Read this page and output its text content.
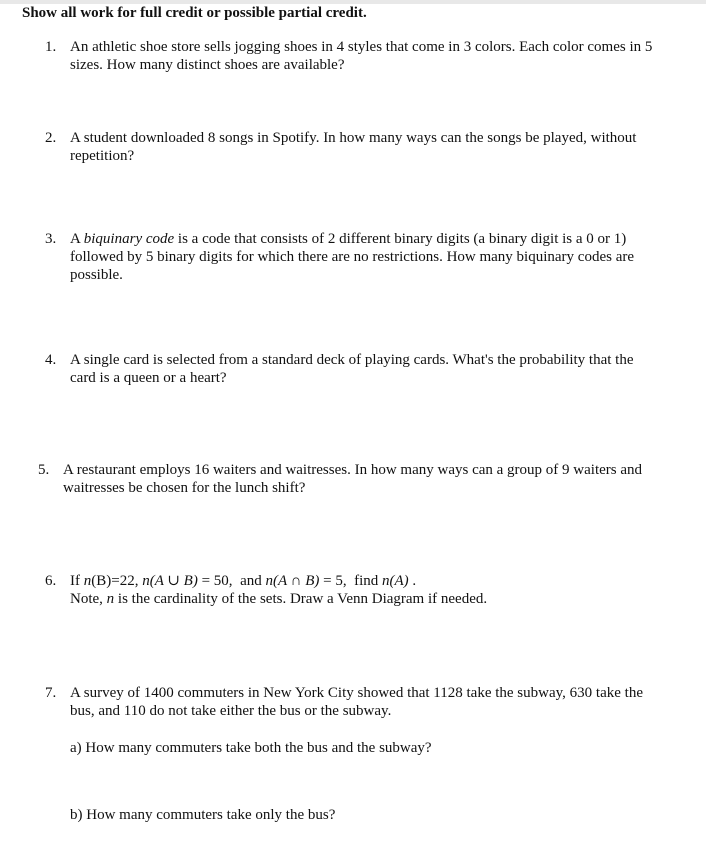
Show all work for full credit or possible partial credit.
1. An athletic shoe store sells jogging shoes in 4 styles that come in 3 colors. Each color comes in 5
sizes. How many distinct shoes are available?
2. A student downloaded 8 songs in Spotify. In how many ways can the songs be played, without
repetition?
3. A biquinary code is a code that consists of 2 different binary digits (a binary digit is a 0 or 1)
followed by 5 binary digits for which there are no restrictions. How many biquinary codes are
possible.
4. A single card is selected from a standard deck of playing cards. What's the probability that the
card is a queen or a heart?
5. A restaurant employs 16 waiters and waitresses. In how many ways can a group of 9 waiters and
waitresses be chosen for the lunch shift?
6. If n(B)=22, n(A ∪ B) = 50,  and n(A ∩ B) = 5,  find n(A) .
Note, n is the cardinality of the sets. Draw a Venn Diagram if needed.
7. A survey of 1400 commuters in New York City showed that 1128 take the subway, 630 take the
bus, and 110 do not take either the bus or the subway.
a) How many commuters take both the bus and the subway?
b) How many commuters take only the bus?
